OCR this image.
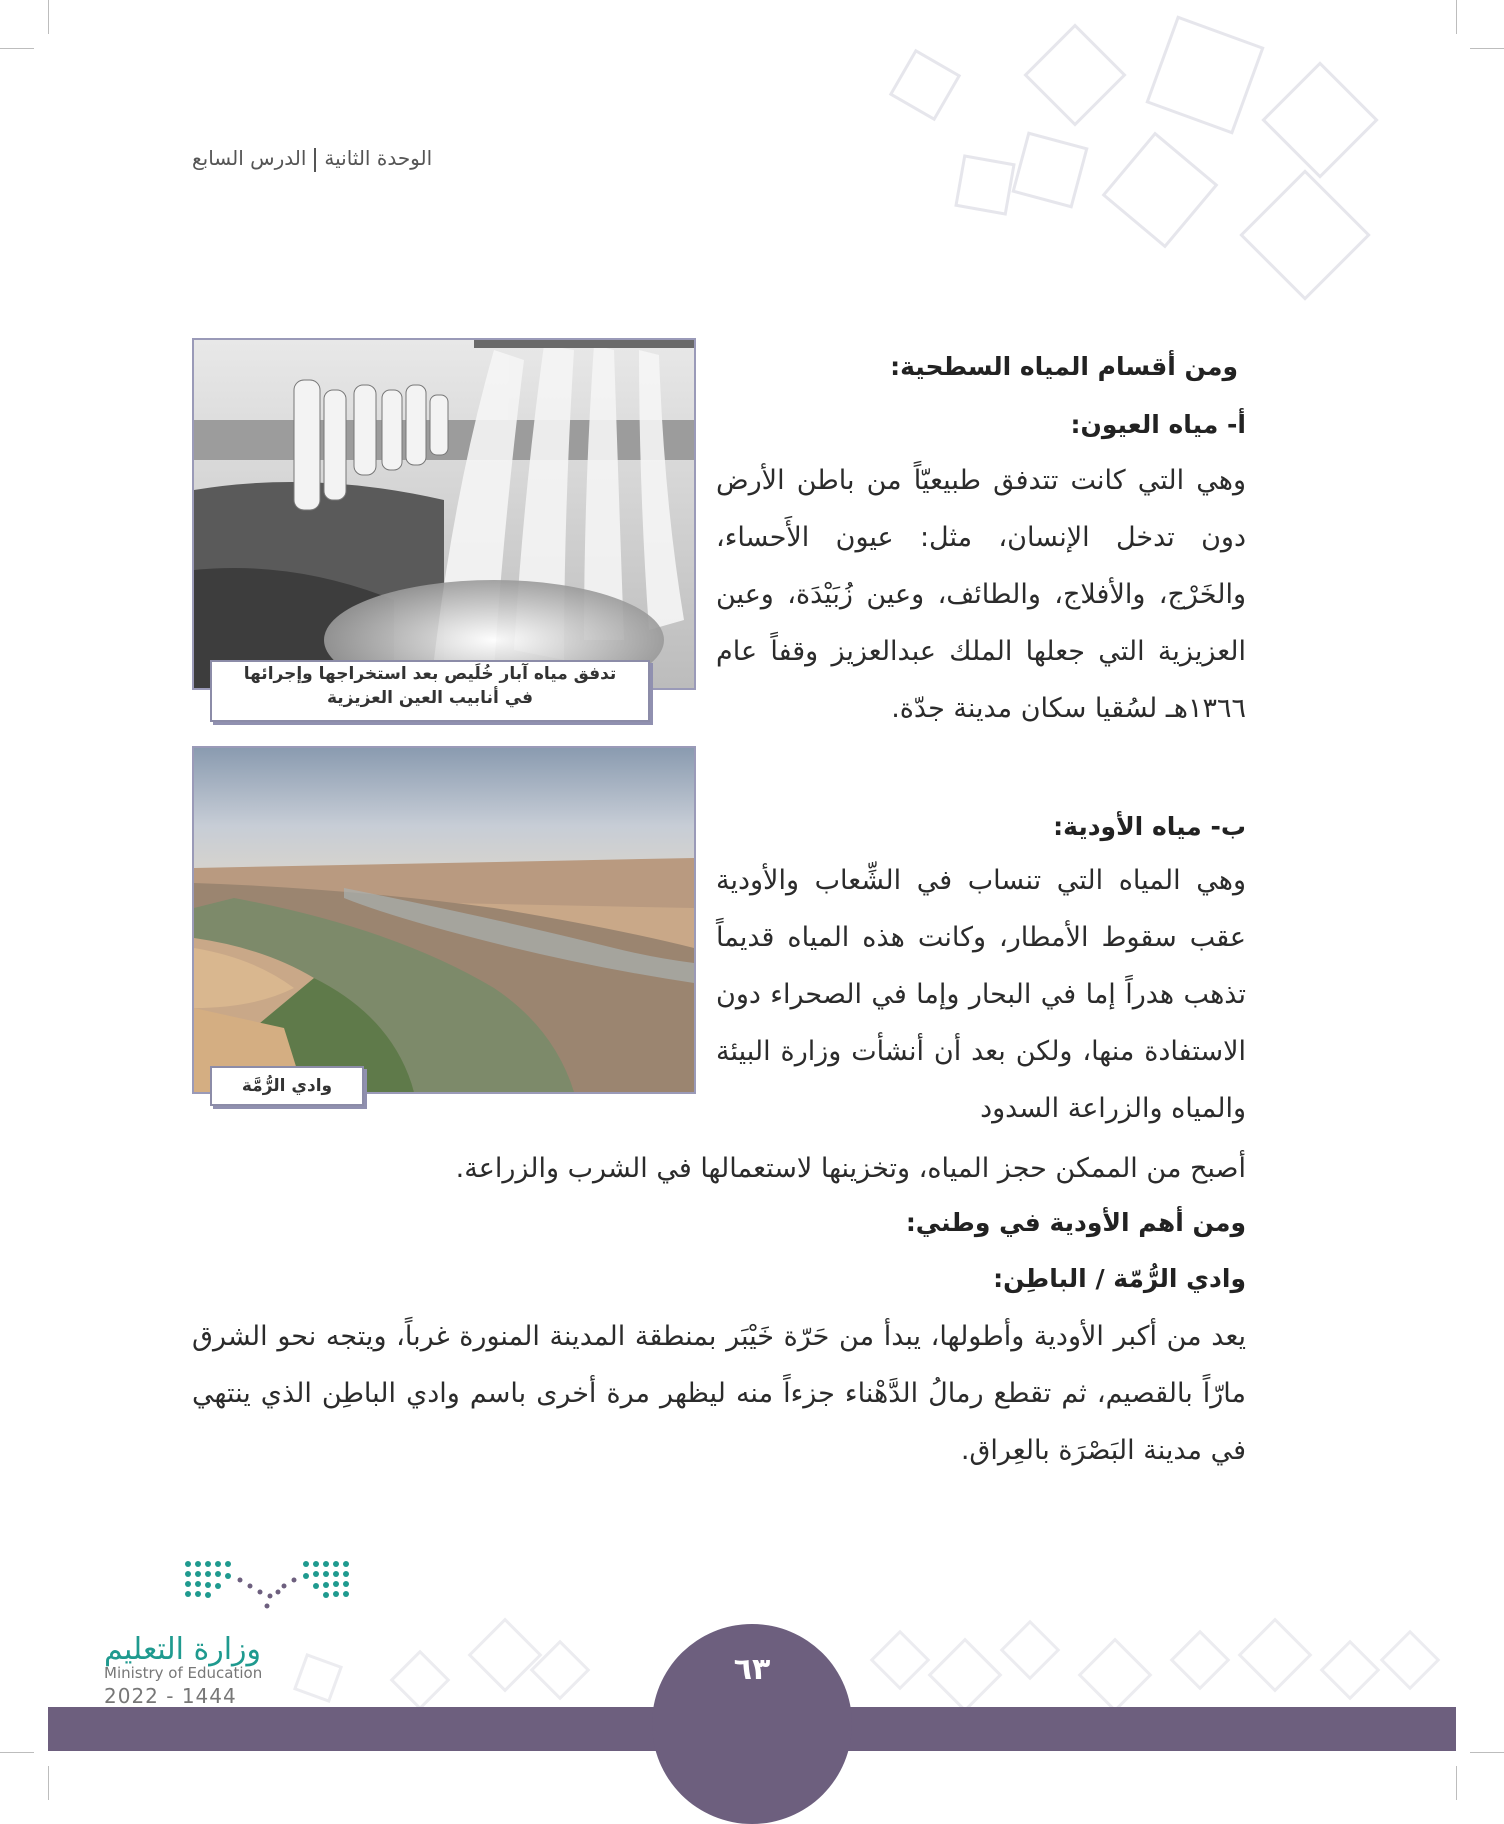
الوحدة الثانيةالدرس السابع
تدفق مياه آبار خُلَيص بعد استخراجها وإجرائها
في أنابيب العين العزيزية
وادي الرُّمَّة
ومن أقسام المياه السطحية:
أ- مياه العيون:
وهي التي كانت تتدفق طبيعيّاً من باطن الأرض دون تدخل الإنسان، مثل: عيون الأَحساء، والخَرْج، والأفلاج، والطائف، وعين زُبَيْدَة، وعين العزيزية التي جعلها الملك عبدالعزيز وقفاً عام ١٣٦٦هـ لسُقيا سكان مدينة جدّة.
ب- مياه الأودية:
وهي المياه التي تنساب في الشِّعاب والأودية عقب سقوط الأمطار، وكانت هذه المياه قديماً تذهب هدراً إما في البحار وإما في الصحراء دون الاستفادة منها، ولكن بعد أن أنشأت وزارة البيئة والمياه والزراعة السدود
أصبح من الممكن حجز المياه، وتخزينها لاستعمالها في الشرب والزراعة.
ومن أهم الأودية في وطني:
وادي الرُّمّة / الباطِن:
يعد من أكبر الأودية وأطولها، يبدأ من حَرّة خَيْبَر بمنطقة المدينة المنورة غرباً، ويتجه نحو الشرق مارّاً بالقصيم، ثم تقطع رمالُ الدَّهْناء جزءاً منه ليظهر مرة أخرى باسم وادي الباطِن الذي ينتهي في مدينة البَصْرَة بالعِراق.
٦٣
وزارة التعليم
Ministry of Education
2022 - 1444
